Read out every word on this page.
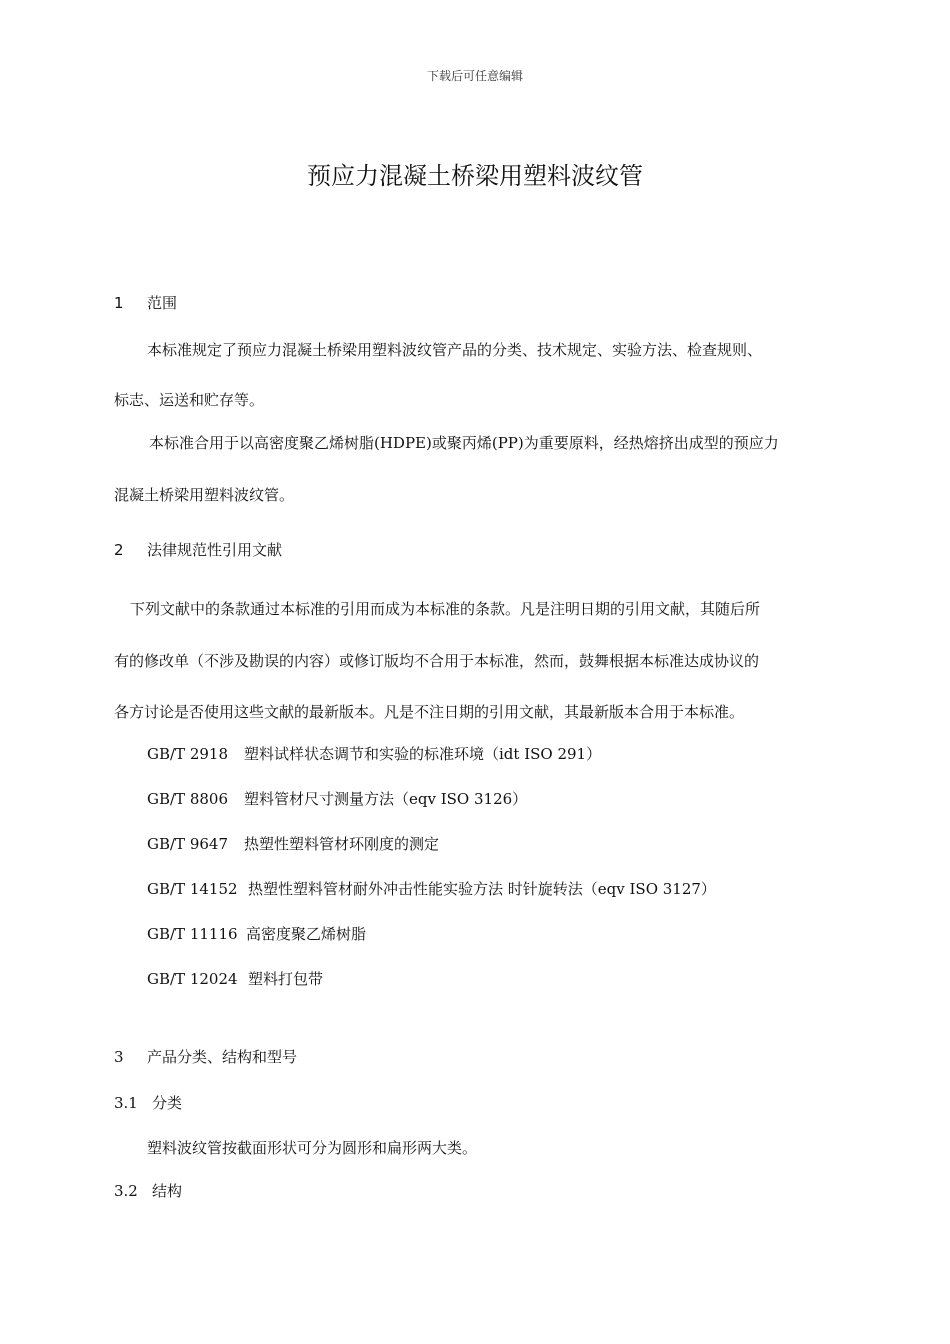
下载后可任意编辑
预应力混凝土桥梁用塑料波纹管
1 范围
本标准规定了预应力混凝土桥梁用塑料波纹管产品的分类、技术规定、实验方法、检查规则、
标志、运送和贮存等。
本标准合用于以高密度聚乙烯树脂(HDPE)或聚丙烯(PP)为重要原料，经热熔挤出成型的预应力
混凝土桥梁用塑料波纹管。
2 法律规范性引用文献
下列文献中的条款通过本标准的引用而成为本标准的条款。凡是注明日期的引用文献，其随后所
有的修改单（不涉及勘误的内容）或修订版均不合用于本标准，然而，鼓舞根据本标准达成协议的
各方讨论是否使用这些文献的最新版本。凡是不注日期的引用文献，其最新版本合用于本标准。
GB/T 2918 塑料试样状态调节和实验的标准环境（idt ISO 291）
GB/T 8806 塑料管材尺寸测量方法（eqv ISO 3126）
GB/T 9647 热塑性塑料管材环刚度的测定
GB/T 14152 热塑性塑料管材耐外冲击性能实验方法 时针旋转法（eqv ISO 3127）
GB/T 11116 高密度聚乙烯树脂
GB/T 12024 塑料打包带
3 产品分类、结构和型号
3.1 分类
塑料波纹管按截面形状可分为圆形和扁形两大类。
3.2 结构
